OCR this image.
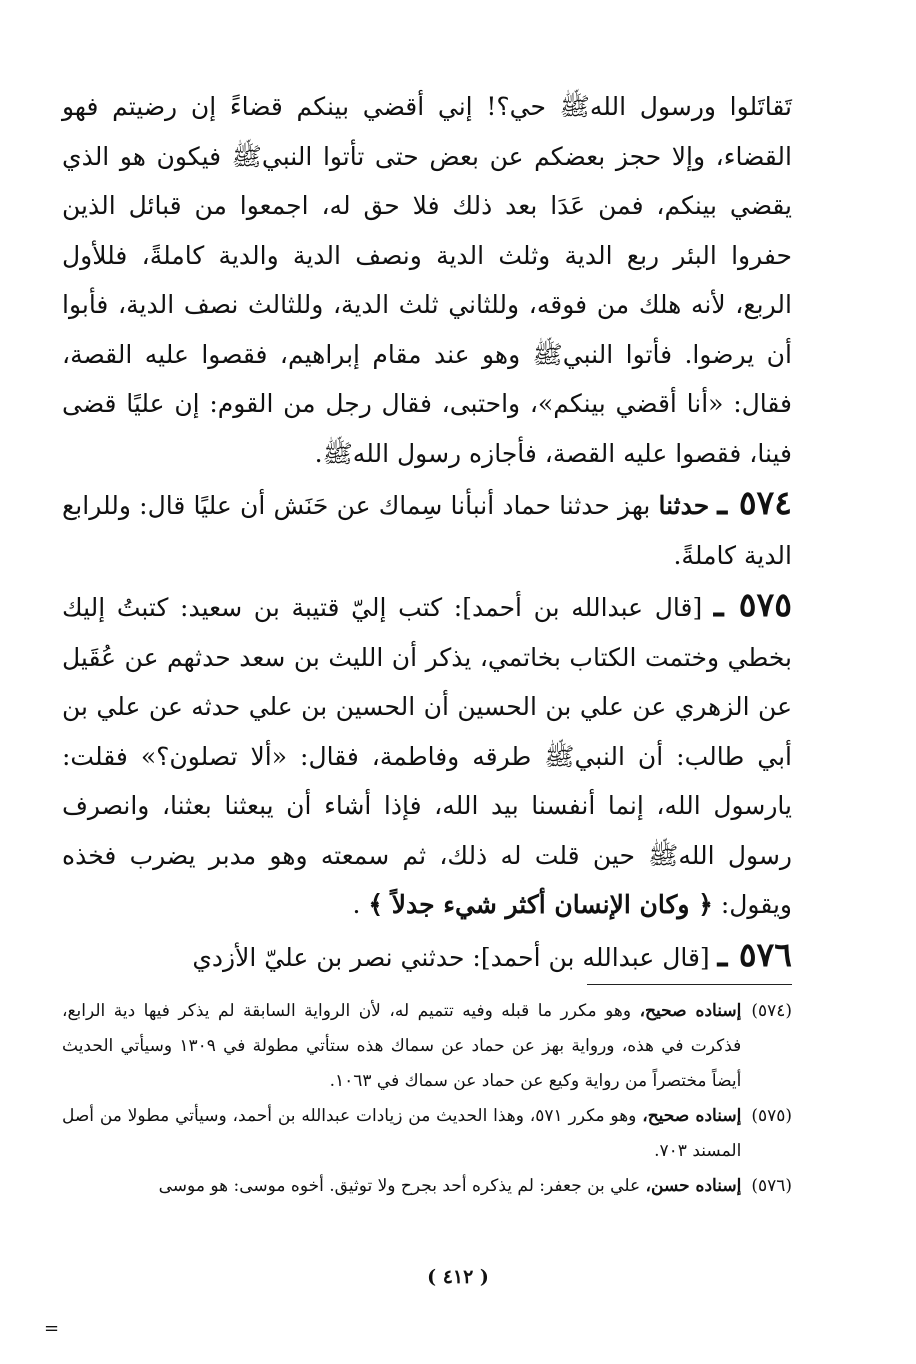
تَقاتَلوا ورسول اللهﷺ حي؟! إني أقضي بينكم قضاءً إن رضيتم فهو القضاء، وإلا حجز بعضكم عن بعض حتى تأتوا النبيﷺ فيكون هو الذي يقضي بينكم، فمن عَدَا بعد ذلك فلا حق له، اجمعوا من قبائل الذين حفروا البئر ربع الدية وثلث الدية ونصف الدية والدية كاملةً، فللأول الربع، لأنه هلك من فوقه، وللثاني ثلث الدية، وللثالث نصف الدية، فأبوا أن يرضوا. فأتوا النبيﷺ وهو عند مقام إبراهيم، فقصوا عليه القصة، فقال: «أنا أقضي بينكم»، واحتبى، فقال رجل من القوم: إن عليًا قضى فينا، فقصوا عليه القصة، فأجازه رسول اللهﷺ.

٥٧٤ ـ حدثنا بهز حدثنا حماد أنبأنا سِماك عن حَنَش أن عليًا قال: وللرابع الدية كاملةً.

٥٧٥ ـ [قال عبدالله بن أحمد]: كتب إليّ قتيبة بن سعيد: كتبتُ إليك بخطي وختمت الكتاب بخاتمي، يذكر أن الليث بن سعد حدثهم عن عُقَيل عن الزهري عن علي بن الحسين أن الحسين بن علي حدثه عن علي بن أبي طالب: أن النبيﷺ طرقه وفاطمة، فقال: «ألا تصلون؟» فقلت: يارسول الله، إنما أنفسنا بيد الله، فإذا أشاء أن يبعثنا بعثنا، وانصرف رسول اللهﷺ حين قلت له ذلك، ثم سمعته وهو مدبر يضرب فخذه ويقول: ﴿ وكان الإنسان أكثر شيء جدلاً ﴾ .

٥٧٦ ـ [قال عبدالله بن أحمد]: حدثني نصر بن عليّ الأزدي

(٥٧٤)
إسناده صحيح، وهو مكرر ما قبله وفيه تتميم له، لأن الرواية السابقة لم يذكر فيها دية الرابع، فذكرت في هذه، ورواية بهز عن حماد عن سماك هذه ستأتي مطولة في ١٣٠٩ وسيأتي الحديث أيضاً مختصراً من رواية وكيع عن حماد عن سماك في ١٠٦٣.
(٥٧٥)
إسناده صحيح، وهو مكرر ٥٧١، وهذا الحديث من زيادات عبدالله بن أحمد، وسيأتي مطولا من أصل المسند ٧٠٣.
(٥٧٦)
إسناده حسن، علي بن جعفر: لم يذكره أحد بجرح ولا توثيق. أخوه موسى: هو موسى
=
( ٤١٢ )
